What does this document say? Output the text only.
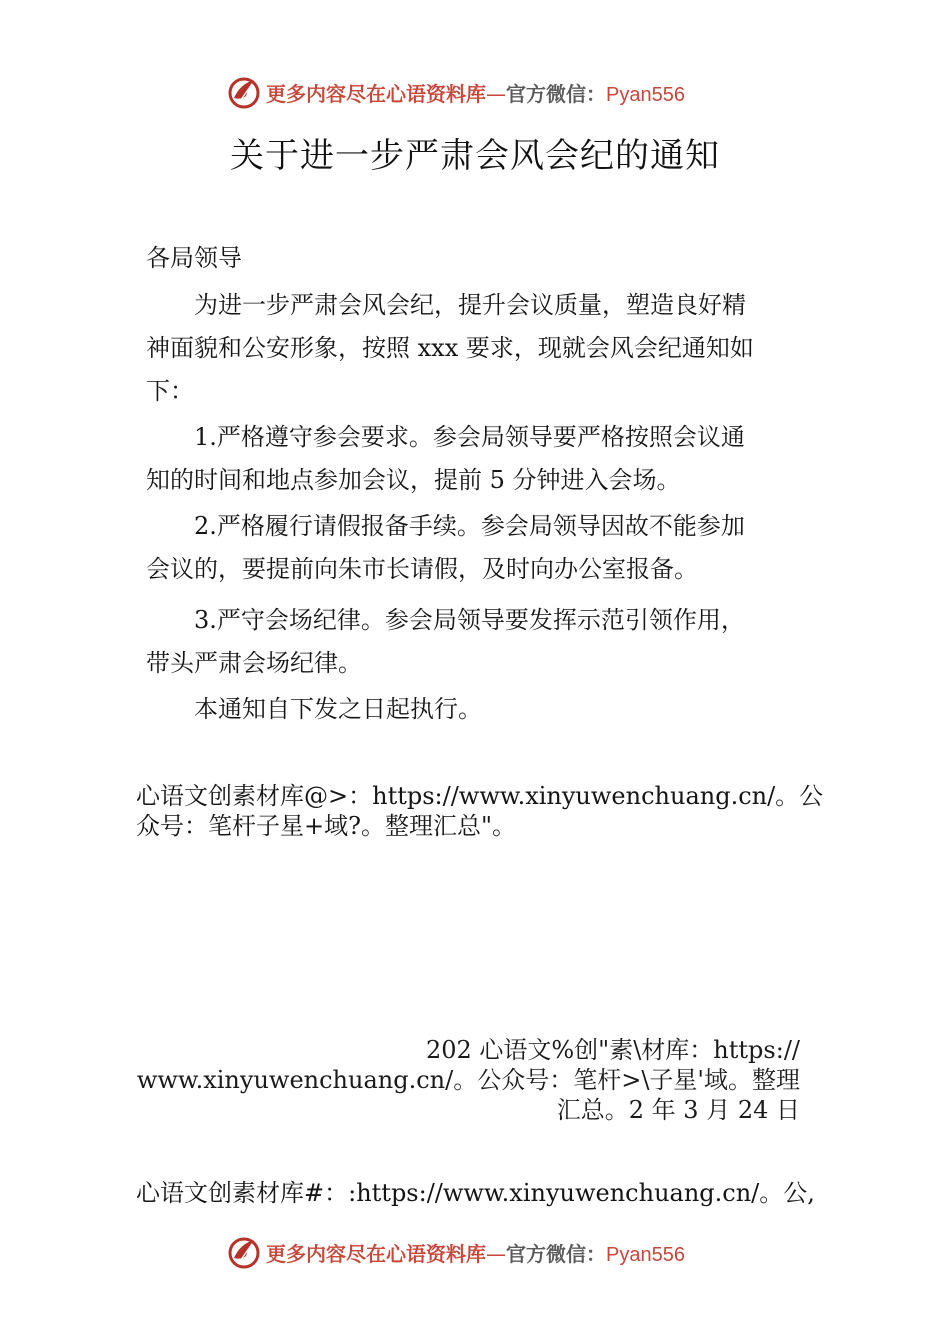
更多内容尽在心语资料库—官方微信：Pyan556
关于进一步严肃会风会纪的通知
各局领导
为进一步严肃会风会纪，提升会议质量，塑造良好精
神面貌和公安形象，按照 xxx 要求，现就会风会纪通知如
下：
1.严格遵守参会要求。参会局领导要严格按照会议通
知的时间和地点参加会议，提前 5 分钟进入会场。
2.严格履行请假报备手续。参会局领导因故不能参加
会议的，要提前向朱市长请假，及时向办公室报备。
3.严守会场纪律。参会局领导要发挥示范引领作用，
带头严肃会场纪律。
本通知自下发之日起执行。
心语文创素材库@>：https://www.xinyuwenchuang.cn/。公
众号：笔杆子星+域?。整理汇总"。
202 心语文%创"素\材库：https://
www.xinyuwenchuang.cn/。公众号：笔杆>\子星'域。整理
汇总。2 年 3 月 24 日
心语文创素材库#：:https://www.xinyuwenchuang.cn/。公,
更多内容尽在心语资料库—官方微信：Pyan556
